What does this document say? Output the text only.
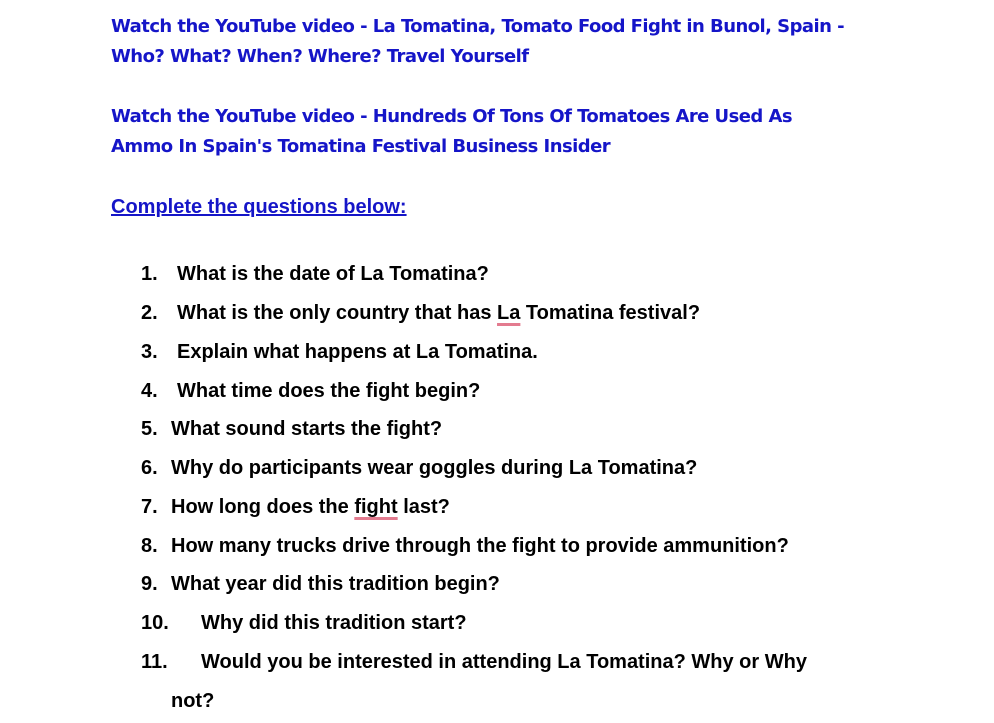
Watch the YouTube video - La Tomatina, Tomato Food Fight in Bunol, Spain -
Who? What? When? Where? Travel Yourself
Watch the YouTube video - Hundreds Of Tons Of Tomatoes Are Used As
Ammo In Spain's Tomatina Festival Business Insider
Complete the questions below:
1. What is the date of La Tomatina?
2. What is the only country that has La Tomatina festival?
3. Explain what happens at La Tomatina.
4. What time does the fight begin?
5. What sound starts the fight?
6. Why do participants wear goggles during La Tomatina?
7. How long does the fight last?
8. How many trucks drive through the fight to provide ammunition?
9. What year did this tradition begin?
10. Why did this tradition start?
11. Would you be interested in attending La Tomatina? Why or Why
not?
